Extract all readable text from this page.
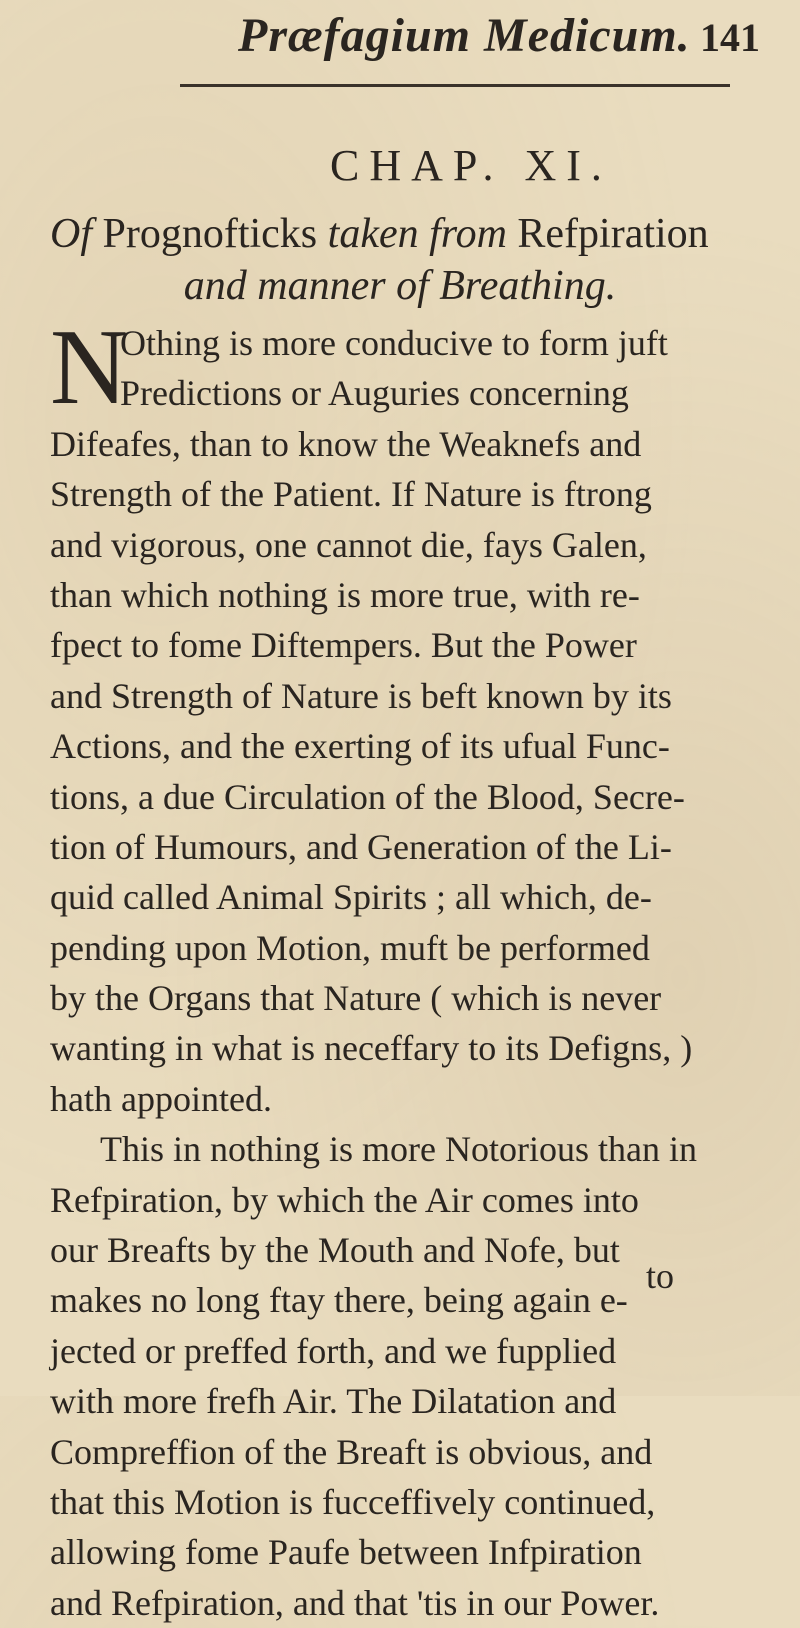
Præfagium Medicum. 141
CHAP. XI.
Of Prognofticks taken from Refpiration
and manner of Breathing.
N
Othing is more conducive to form juft
Predictions or Auguries concerning
Difeafes, than to know the Weaknefs and
Strength of the Patient. If Nature is ftrong
and vigorous, one cannot die, fays Galen,
than which nothing is more true, with re-
fpect to fome Diftempers. But the Power
and Strength of Nature is beft known by its
Actions, and the exerting of its ufual Func-
tions, a due Circulation of the Blood, Secre-
tion of Humours, and Generation of the Li-
quid called Animal Spirits ; all which, de-
pending upon Motion, muft be performed
by the Organs that Nature ( which is never
wanting in what is neceffary to its Defigns, )
hath appointed.
This in nothing is more Notorious than in
Refpiration, by which the Air comes into
our Breafts by the Mouth and Nofe, but
makes no long ftay there, being again e-
jected or preffed forth, and we fupplied
with more frefh Air. The Dilatation and
Compreffion of the Breaft is obvious, and
that this Motion is fucceffively continued,
allowing fome Paufe between Infpiration
and Refpiration, and that 'tis in our Power.
to
